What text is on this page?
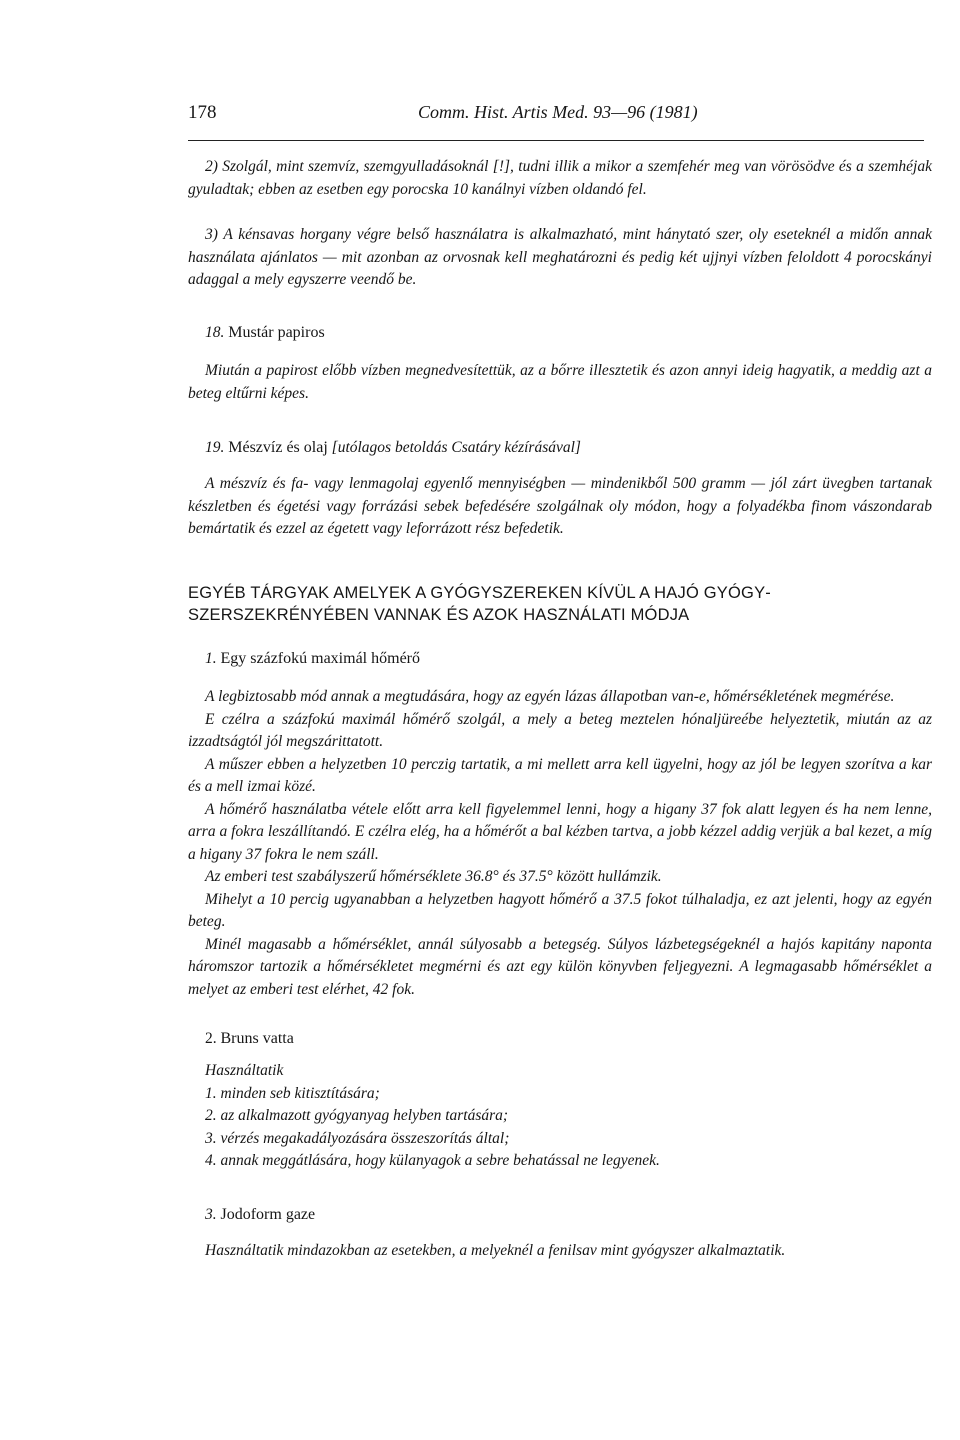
178	Comm. Hist. Artis Med. 93—96 (1981)

2) Szolgál, mint szemvíz, szemgyulladásoknál [!], tudni illik a mikor a szemfehér meg van vörösödve és a szemhéjak gyuladtak; ebben az esetben egy porocska 10 kanálnyi vízben oldandó fel.

3) A kénsavas horgany végre belső használatra is alkalmazható, mint hánytató szer, oly eseteknél a midőn annak használata ajánlatos — mit azonban az orvosnak kell meghatározni és pedig két ujjnyi vízben feloldott 4 porocskányi adaggal a mely egyszerre veendő be.

18. Mustár papiros

Miután a papirost előbb vízben megnedvesítettük, az a bőrre illesztetik és azon annyi ideig hagyatik, a meddig azt a beteg eltűrni képes.

19. Mészvíz és olaj [utólagos betoldás Csatáry kézírásával]

A mészvíz és fa- vagy lenmagolaj egyenlő mennyiségben — mindenikből 500 gramm — jól zárt üvegben tartanak készletben és égetési vagy forrázási sebek befedésére szolgálnak oly módon, hogy a folyadékba finom vászondarab bemártatik és ezzel az égetett vagy leforrázott rész befedetik.

EGYÉB TÁRGYAK AMELYEK A GYÓGYSZEREKEN KÍVÜL A HAJÓ GYÓGYSZERSZEKRÉNYÉBEN VANNAK ÉS AZOK HASZNÁLATI MÓDJA

1. Egy százfokú maximál hőmérő
A legbiztosabb mód annak a megtudására, hogy az egyén lázas állapotban van-e, hőmérsékletének megmérése.
E czélra a százfokú maximál hőmérő szolgál, a mely a beteg meztelen hónaljüreébe helyeztetik, miután az az izzadtságtól jól megszárittatott.
A műszer ebben a helyzetben 10 perczig tartatik, a mi mellett arra kell ügyelni, hogy az jól be legyen szorítva a kar és a mell izmai közé.
A hőmérő használatba vétele előtt arra kell figyelemmel lenni, hogy a higany 37 fok alatt legyen és ha nem lenne, arra a fokra leszállítandó. E czélra elég, ha a hőmérőt a bal kézben tartva, a jobb kézzel addig verjük a bal kezet, a míg a higany 37 fokra le nem száll.
Az emberi test szabályszerű hőmérséklete 36.8° és 37.5° között hullámzik.
Mihelyt a 10 percig ugyanabban a helyzetben hagyott hőmérő a 37.5 fokot túlhaladja, ez azt jelenti, hogy az egyén beteg.
Minél magasabb a hőmérséklet, annál súlyosabb a betegség. Súlyos lázbetegségeknél a hajós kapitány naponta háromszor tartozik a hőmérsékletet megmérni és azt egy külön könyvben feljegyezni. A legmagasabb hőmérséklet a melyet az emberi test elérhet, 42 fok.
2. Bruns vatta
Használtatik
1. minden seb kitisztítására;
2. az alkalmazott gyógyanyag helyben tartására;
3. vérzés megakadályozására összeszorítás által;
4. annak meggátlására, hogy külanyagok a sebre behatással ne legyenek.
3. Jodoform gaze

Használtatik mindazokban az esetekben, a melyeknél a fenilsav mint gyógyszer alkalmaztatik.
